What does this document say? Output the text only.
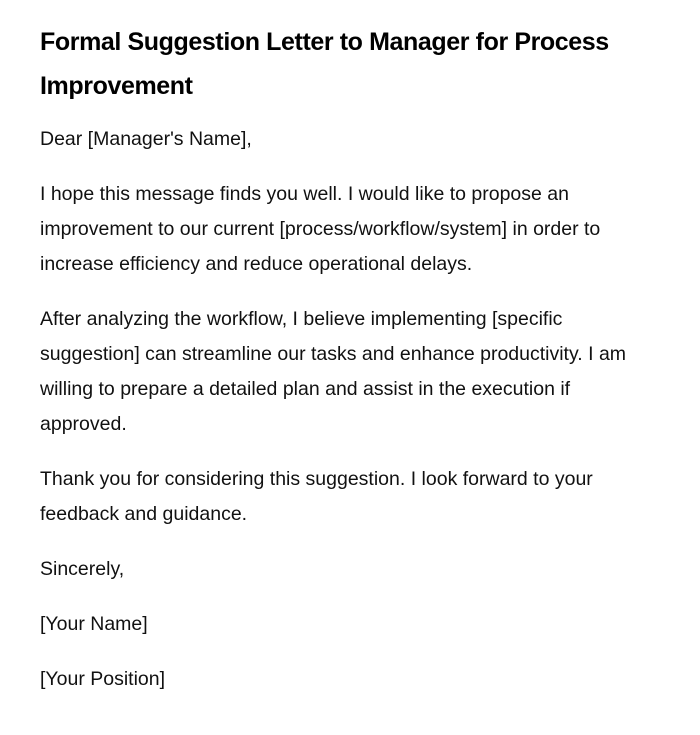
Formal Suggestion Letter to Manager for Process Improvement

Dear [Manager's Name],

I hope this message finds you well. I would like to propose an improvement to our current [process/workflow/system] in order to increase efficiency and reduce operational delays.

After analyzing the workflow, I believe implementing [specific suggestion] can streamline our tasks and enhance productivity. I am willing to prepare a detailed plan and assist in the execution if approved.

Thank you for considering this suggestion. I look forward to your feedback and guidance.

Sincerely,

[Your Name]

[Your Position]
